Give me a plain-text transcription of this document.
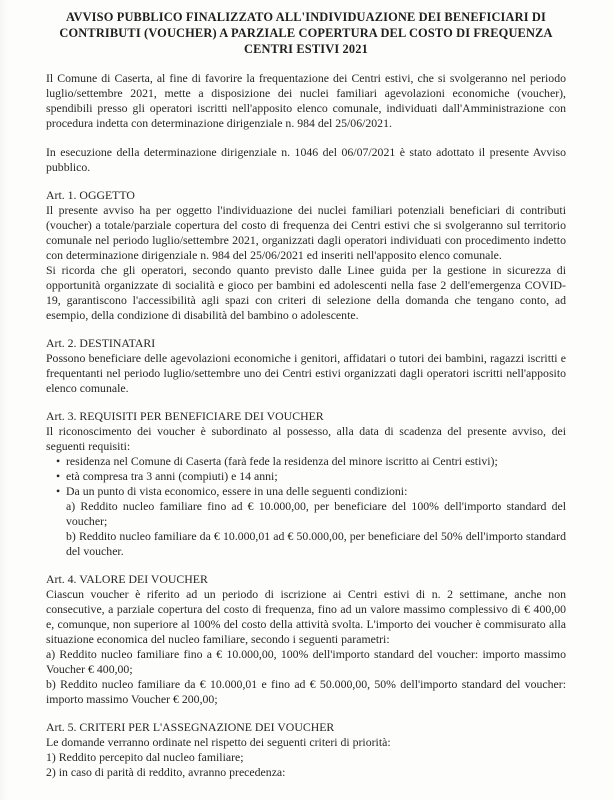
AVVISO PUBBLICO FINALIZZATO ALL'INDIVIDUAZIONE DEI BENEFICIARI DI
CONTRIBUTI (VOUCHER) A PARZIALE COPERTURA DEL COSTO DI FREQUENZA
CENTRI ESTIVI 2021

Il Comune di Caserta, al fine di favorire la frequentazione dei Centri estivi, che si svolgeranno nel periodo luglio/settembre 2021, mette a disposizione dei nuclei familiari agevolazioni economiche (voucher), spendibili presso gli operatori iscritti nell'apposito elenco comunale, individuati dall'Amministrazione con procedura indetta con determinazione dirigenziale n. 984 del 25/06/2021.

In esecuzione della determinazione dirigenziale n. 1046 del 06/07/2021 è stato adottato il presente Avviso pubblico.

Art. 1. OGGETTO

Il presente avviso ha per oggetto l'individuazione dei nuclei familiari potenziali beneficiari di contributi (voucher) a totale/parziale copertura del costo di frequenza dei Centri estivi che si svolgeranno sul territorio comunale nel periodo luglio/settembre 2021, organizzati dagli operatori individuati con procedimento indetto con determinazione dirigenziale n. 984 del 25/06/2021 ed inseriti nell'apposito elenco comunale.

Si ricorda che gli operatori, secondo quanto previsto dalle Linee guida per la gestione in sicurezza di opportunità organizzate di socialità e gioco per bambini ed adolescenti nella fase 2 dell'emergenza COVID-19, garantiscono l'accessibilità agli spazi con criteri di selezione della domanda che tengano conto, ad esempio, della condizione di disabilità del bambino o adolescente.

Art. 2. DESTINATARI

Possono beneficiare delle agevolazioni economiche i genitori, affidatari o tutori dei bambini, ragazzi iscritti e frequentanti nel periodo luglio/settembre uno dei Centri estivi organizzati dagli operatori iscritti nell'apposito elenco comunale.

Art. 3. REQUISITI PER BENEFICIARE DEI VOUCHER

Il riconoscimento dei voucher è subordinato al possesso, alla data di scadenza del presente avviso, dei seguenti requisiti:

• residenza nel Comune di Caserta (farà fede la residenza del minore iscritto ai Centri estivi);
• età compresa tra 3 anni (compiuti) e 14 anni;
• Da un punto di vista economico, essere in una delle seguenti condizioni:
a) Reddito nucleo familiare fino ad € 10.000,00, per beneficiare del 100% dell'importo standard del voucher;
b) Reddito nucleo familiare da € 10.000,01 ad € 50.000,00, per beneficiare del 50% dell'importo standard del voucher.
Art. 4. VALORE DEI VOUCHER

Ciascun voucher è riferito ad un periodo di iscrizione ai Centri estivi di n. 2 settimane, anche non consecutive, a parziale copertura del costo di frequenza, fino ad un valore massimo complessivo di € 400,00 e, comunque, non superiore al 100% del costo della attività svolta. L'importo dei voucher è commisurato alla situazione economica del nucleo familiare, secondo i seguenti parametri:

a) Reddito nucleo familiare fino a € 10.000,00, 100% dell'importo standard del voucher: importo massimo Voucher € 400,00;

b) Reddito nucleo familiare da € 10.000,01 e fino ad € 50.000,00, 50% dell'importo standard del voucher: importo massimo Voucher € 200,00;

Art. 5. CRITERI PER L'ASSEGNAZIONE DEI VOUCHER

Le domande verranno ordinate nel rispetto dei seguenti criteri di priorità:

1) Reddito percepito dal nucleo familiare;

2) in caso di parità di reddito, avranno precedenza:
